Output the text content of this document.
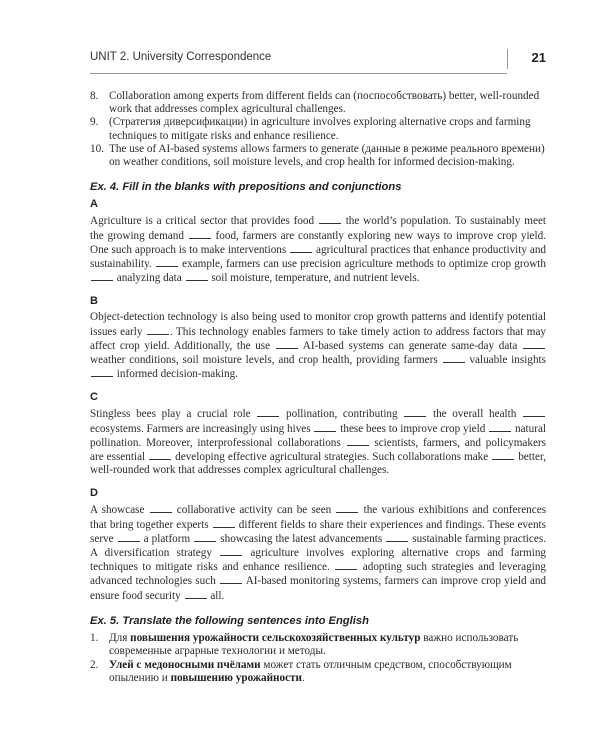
UNIT 2. University Correspondence	21
8. Collaboration among experts from different fields can (поспособствовать) better, well-rounded work that addresses complex agricultural challenges.
9. (Стратегия диверсификации) in agriculture involves exploring alternative crops and farming techniques to mitigate risks and enhance resilience.
10. The use of AI-based systems allows farmers to generate (данные в режиме реального времени) on weather conditions, soil moisture levels, and crop health for informed decision-making.
Ex. 4. Fill in the blanks with prepositions and conjunctions
A
Agriculture is a critical sector that provides food	the world’s population. To sustainably meet the growing demand	food, farmers are constantly exploring new ways to improve crop yield. One such approach is to make interventions	agricultural practices that enhance productivity and sustainability.	example, farmers can use precision agriculture methods to optimize crop growth  analyzing data	soil moisture, temperature, and nutrient levels.
B
Object-detection technology is also being used to monitor crop growth patterns and identify potential issues early . This technology enables farmers to take timely action to address factors that may affect crop yield. Additionally, the use	AI-based systems can generate same-day data  weather conditions, soil moisture levels, and crop health, providing farmers	valuable insights  informed decision-making.
C
Stingless bees play a crucial role	pollination, contributing	the overall health  ecosystems. Farmers are increasingly using hives	these bees to improve crop yield	natural pollination. Moreover, interprofessional collaborations	scientists, farmers, and policymakers are essential	developing effective agricultural strategies. Such collaborations make	better, well-rounded work that addresses complex agricultural challenges.
D
A showcase	collaborative activity can be seen	the various exhibitions and conferences that bring together experts	different fields to share their experiences and findings. These events serve	a platform	showcasing the latest advancements	sustainable farming practices. A diversification strategy	agriculture involves exploring alternative crops and farming techniques to mitigate risks and enhance resilience.	adopting such strategies and leveraging advanced technologies such	AI-based monitoring systems, farmers can improve crop yield and ensure food security	all.
Ex. 5. Translate the following sentences into English
1. Для повышения урожайности сельскохозяйственных культур важно использовать современные аграрные технологии и методы.
2. Улей с медоносными пчёлами может стать отличным средством, способствующим опылению и повышению урожайности.
